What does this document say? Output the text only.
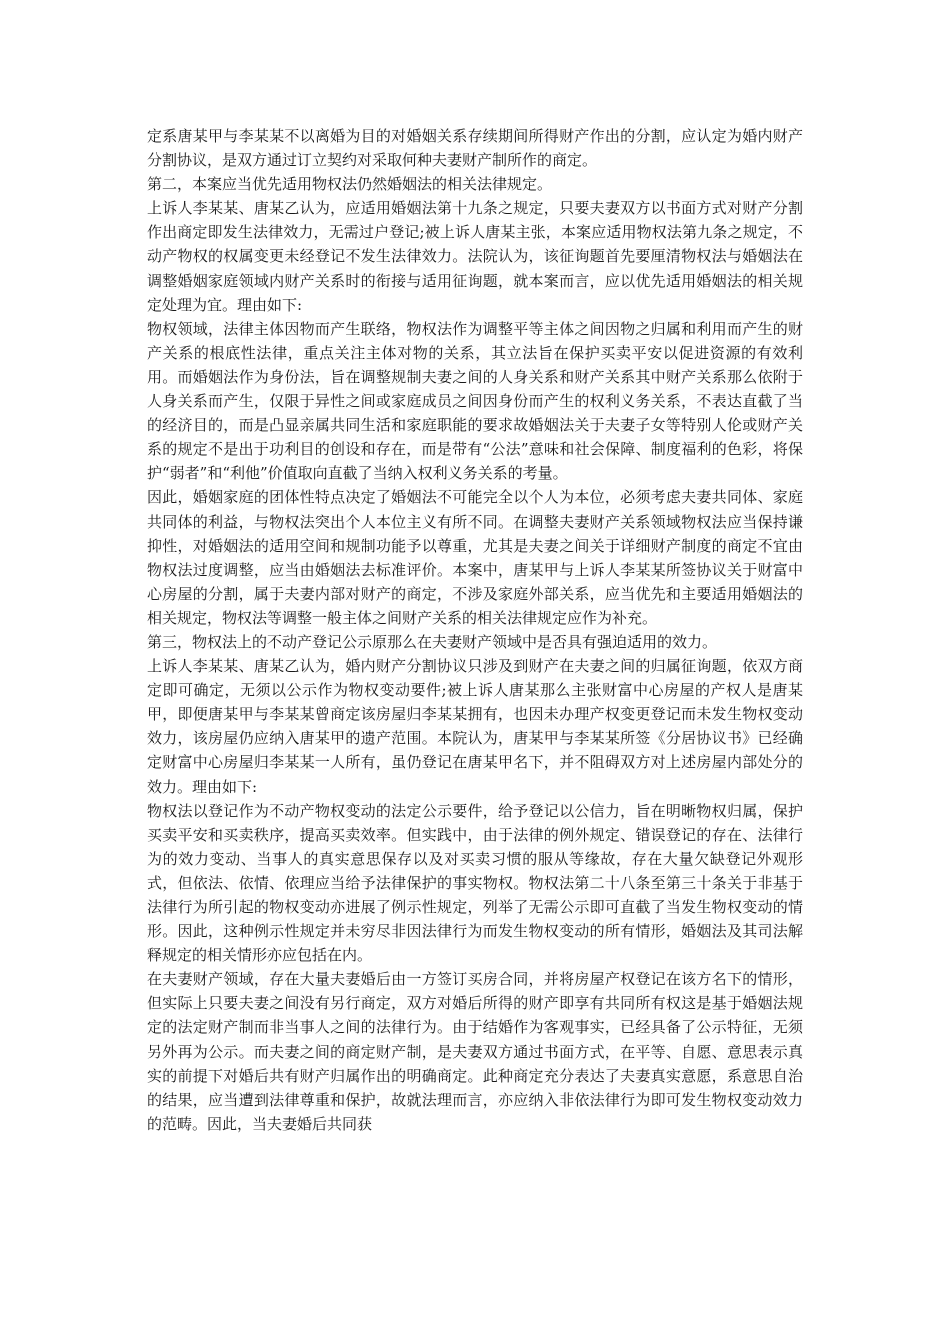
定系唐某甲与李某某不以离婚为目的对婚姻关系存续期间所得财产作出的分割，应认定为婚内财产分割协议，是双方通过订立契约对采取何种夫妻财产制所作的商定。

第二，本案应当优先适用物权法仍然婚姻法的相关法律规定。

上诉人李某某、唐某乙认为，应适用婚姻法第十九条之规定，只要夫妻双方以书面方式对财产分割作出商定即发生法律效力，无需过户登记;被上诉人唐某主张，本案应适用物权法第九条之规定，不动产物权的权属变更未经登记不发生法律效力。法院认为，该征询题首先要厘清物权法与婚姻法在调整婚姻家庭领域内财产关系时的衔接与适用征询题，就本案而言，应以优先适用婚姻法的相关规定处理为宜。理由如下:

物权领域，法律主体因物而产生联络，物权法作为调整平等主体之间因物之归属和利用而产生的财产关系的根底性法律，重点关注主体对物的关系，其立法旨在保护买卖平安以促进资源的有效利用。而婚姻法作为身份法，旨在调整规制夫妻之间的人身关系和财产关系其中财产关系那么依附于人身关系而产生，仅限于异性之间或家庭成员之间因身份而产生的权利义务关系，不表达直截了当的经济目的，而是凸显亲属共同生活和家庭职能的要求故婚姻法关于夫妻子女等特别人伦或财产关系的规定不是出于功利目的创设和存在，而是带有“公法”意味和社会保障、制度福利的色彩，将保护“弱者”和“利他”价值取向直截了当纳入权利义务关系的考量。

因此，婚姻家庭的团体性特点决定了婚姻法不可能完全以个人为本位，必须考虑夫妻共同体、家庭共同体的利益，与物权法突出个人本位主义有所不同。在调整夫妻财产关系领域物权法应当保持谦抑性，对婚姻法的适用空间和规制功能予以尊重，尤其是夫妻之间关于详细财产制度的商定不宜由物权法过度调整，应当由婚姻法去标准评价。本案中，唐某甲与上诉人李某某所签协议关于财富中心房屋的分割，属于夫妻内部对财产的商定，不涉及家庭外部关系，应当优先和主要适用婚姻法的相关规定，物权法等调整一般主体之间财产关系的相关法律规定应作为补充。

第三，物权法上的不动产登记公示原那么在夫妻财产领域中是否具有强迫适用的效力。

上诉人李某某、唐某乙认为，婚内财产分割协议只涉及到财产在夫妻之间的归属征询题，依双方商定即可确定，无须以公示作为物权变动要件;被上诉人唐某那么主张财富中心房屋的产权人是唐某甲，即便唐某甲与李某某曾商定该房屋归李某某拥有，也因未办理产权变更登记而未发生物权变动效力，该房屋仍应纳入唐某甲的遗产范围。本院认为，唐某甲与李某某所签《分居协议书》已经确定财富中心房屋归李某某一人所有，虽仍登记在唐某甲名下，并不阻碍双方对上述房屋内部处分的效力。理由如下:

物权法以登记作为不动产物权变动的法定公示要件，给予登记以公信力，旨在明晰物权归属，保护买卖平安和买卖秩序，提高买卖效率。但实践中，由于法律的例外规定、错误登记的存在、法律行为的效力变动、当事人的真实意思保存以及对买卖习惯的服从等缘故，存在大量欠缺登记外观形式，但依法、依情、依理应当给予法律保护的事实物权。物权法第二十八条至第三十条关于非基于法律行为所引起的物权变动亦进展了例示性规定，列举了无需公示即可直截了当发生物权变动的情形。因此，这种例示性规定并未穷尽非因法律行为而发生物权变动的所有情形，婚姻法及其司法解释规定的相关情形亦应包括在内。

在夫妻财产领域，存在大量夫妻婚后由一方签订买房合同，并将房屋产权登记在该方名下的情形，但实际上只要夫妻之间没有另行商定，双方对婚后所得的财产即享有共同所有权这是基于婚姻法规定的法定财产制而非当事人之间的法律行为。由于结婚作为客观事实，已经具备了公示特征，无须另外再为公示。而夫妻之间的商定财产制，是夫妻双方通过书面方式，在平等、自愿、意思表示真实的前提下对婚后共有财产归属作出的明确商定。此种商定充分表达了夫妻真实意愿，系意思自治的结果，应当遭到法律尊重和保护，故就法理而言，亦应纳入非依法律行为即可发生物权变动效力的范畴。因此，当夫妻婚后共同获
